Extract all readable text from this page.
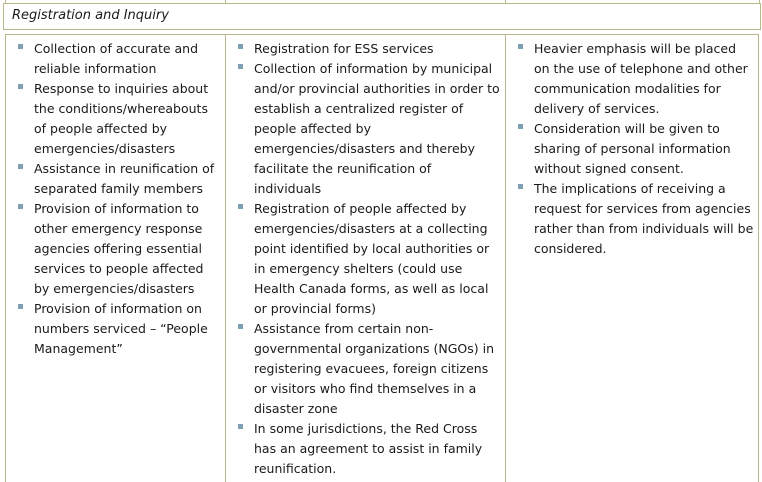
Registration and Inquiry
Collection of accurate and reliable information
Response to inquiries about the conditions/whereabouts of people affected by emergencies/disasters
Assistance in reunification of separated family members
Provision of information to other emergency response agencies offering essential services to people affected by emergencies/disasters
Provision of information on numbers serviced – “People Management”
Registration for ESS services
Collection of information by municipal and/or provincial authorities in order to establish a centralized register of people affected by emergencies/disasters and thereby facilitate the reunification of individuals
Registration of people affected by emergencies/disasters at a collecting point identified by local authorities or in emergency shelters (could use Health Canada forms, as well as local or provincial forms)
Assistance from certain non-governmental organizations (NGOs) in registering evacuees, foreign citizens or visitors who find themselves in a disaster zone
In some jurisdictions, the Red Cross has an agreement to assist in family reunification.
Heavier emphasis will be placed on the use of telephone and other communication modalities for delivery of services.
Consideration will be given to sharing of personal information without signed consent.
The implications of receiving a request for services from agencies rather than from individuals will be considered.
